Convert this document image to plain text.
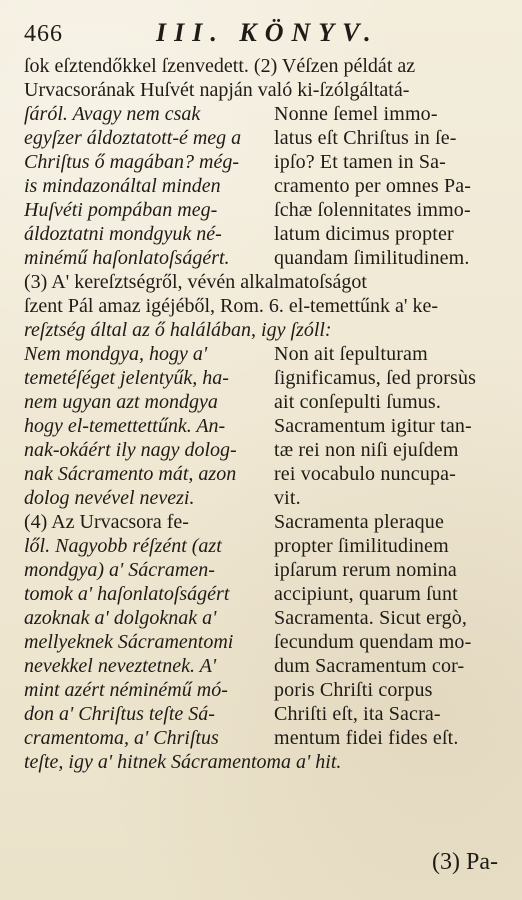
466	III. KÖNYV.
ſok eſztendőkkel ſzenvedett. (2) Véſzen példát az
Urvacsorának Huſvét napján való ki-ſzólgáltatá-
ſáról. Avagy nem csak
egyſzer áldoztatott-é meg a
Chriſtus ő magában? még-
is mindazonáltal minden
Huſvéti pompában meg-
áldoztatni mondgyuk né-
minémű haſonlatoſságért.
Nonne ſemel immo-
latus eſt Chriſtus in ſe-
ipſo? Et tamen in Sa-
cramento per omnes Pa-
ſchæ ſolennitates immo-
latum dicimus propter
quandam ſimilitudinem.
(3) A' kereſztségről, vévén alkalmatoſságot
ſzent Pál amaz igéjéből, Rom. 6. el-temettűnk a' ke-
reſztség által az ő halálában, igy ſzóll:
Nem mondgya, hogy a'
temetéſéget jelentyűk, ha-
nem ugyan azt mondgya
hogy el-temettettűnk. An-
nak-okáért ily nagy dolog-
nak Sácramento mát, azon
dolog nevével nevezi.
Non ait ſepulturam
ſignificamus, ſed prorsùs
ait conſepulti ſumus.
Sacramentum igitur tan-
tæ rei non niſi ejuſdem
rei vocabulo nuncupa-
vit.
(4) Az Urvacsora fe-
lől. Nagyobb réſzént (azt
mondgya) a' Sácramen-
tomok a' haſonlatoſságért
azoknak a' dolgoknak a'
mellyeknek Sácramentomi
nevekkel neveztetnek. A'
mint azért néminémű mó-
don a' Chriſtus teſte Sá-
cramentoma, a' Chriſtus
Sacramenta pleraque
propter ſimilitudinem
ipſarum rerum nomina
accipiunt, quarum ſunt
Sacramenta. Sicut ergò,
ſecundum quendam mo-
dum Sacramentum cor-
poris Chriſti corpus
Chriſti eſt, ita Sacra-
mentum fidei fides eſt.
teſte, igy a' hitnek Sácramentoma a' hit.
(3) Pa-
